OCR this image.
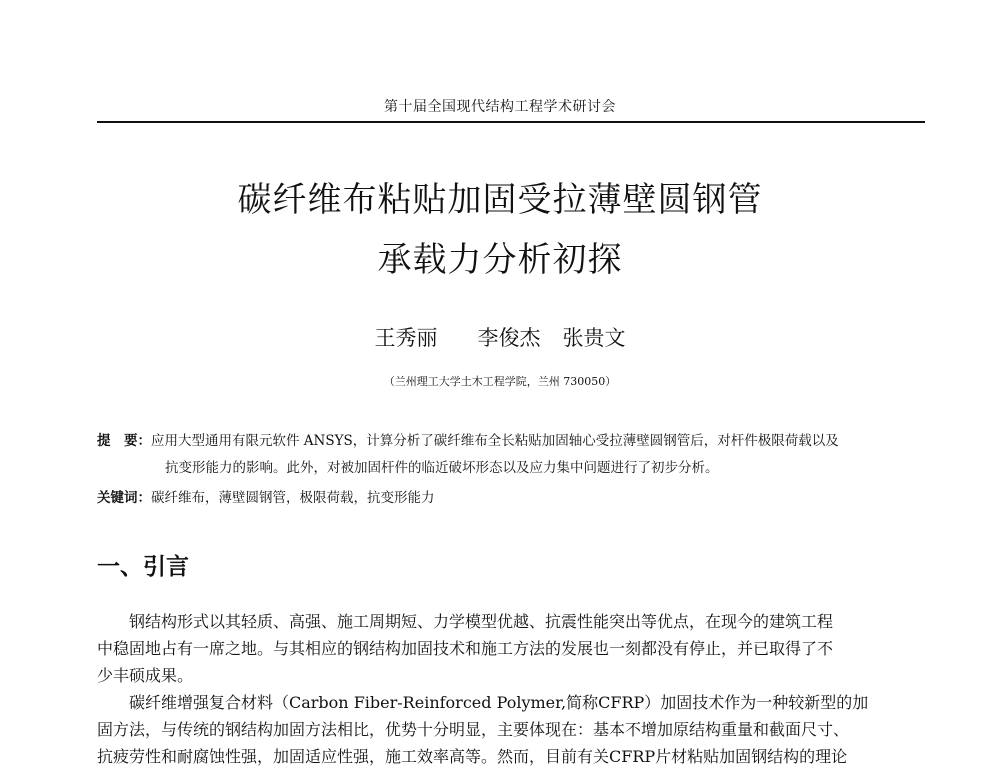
第十届全国现代结构工程学术研讨会
碳纤维布粘贴加固受拉薄壁圆钢管
承载力分析初探
王秀丽 李俊杰 张贵文
（兰州理工大学土木工程学院，兰州 730050）
提　要：应用大型通用有限元软件 ANSYS，计算分析了碳纤维布全长粘贴加固轴心受拉薄壁圆钢管后，对杆件极限荷载以及
抗变形能力的影响。此外，对被加固杆件的临近破坏形态以及应力集中问题进行了初步分析。
关键词：碳纤维布，薄壁圆钢管，极限荷载，抗变形能力
一、引言
钢结构形式以其轻质、高强、施工周期短、力学模型优越、抗震性能突出等优点，在现今的建筑工程
中稳固地占有一席之地。与其相应的钢结构加固技术和施工方法的发展也一刻都没有停止，并已取得了不
少丰硕成果。
碳纤维增强复合材料（Carbon Fiber-Reinforced Polymer,简称CFRP）加固技术作为一种较新型的加
固方法，与传统的钢结构加固方法相比，优势十分明显，主要体现在：基本不增加原结构重量和截面尺寸、
抗疲劳性和耐腐蚀性强，加固适应性强，施工效率高等。然而，目前有关CFRP片材粘贴加固钢结构的理论
